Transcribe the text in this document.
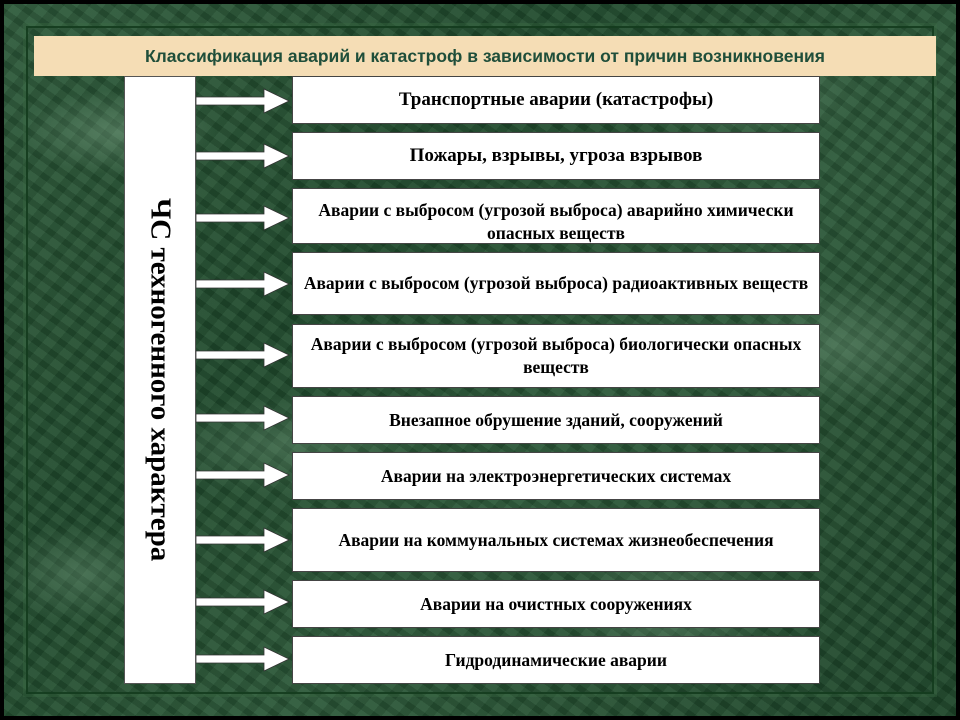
Классификация аварий и катастроф в зависимости от причин возникновения
ЧС техногенного характера
Транспортные аварии (катастрофы)
Пожары, взрывы, угроза взрывов
Аварии с выбросом (угрозой выброса) аварийно химически опасных веществ
Аварии с выбросом (угрозой выброса) радиоактивных веществ
Аварии с выбросом (угрозой выброса) биологически опасных веществ
Внезапное обрушение зданий, сооружений
Аварии на электроэнергетических системах
Аварии на коммунальных системах жизнеобеспечения
Аварии на очистных сооружениях
Гидродинамические аварии
